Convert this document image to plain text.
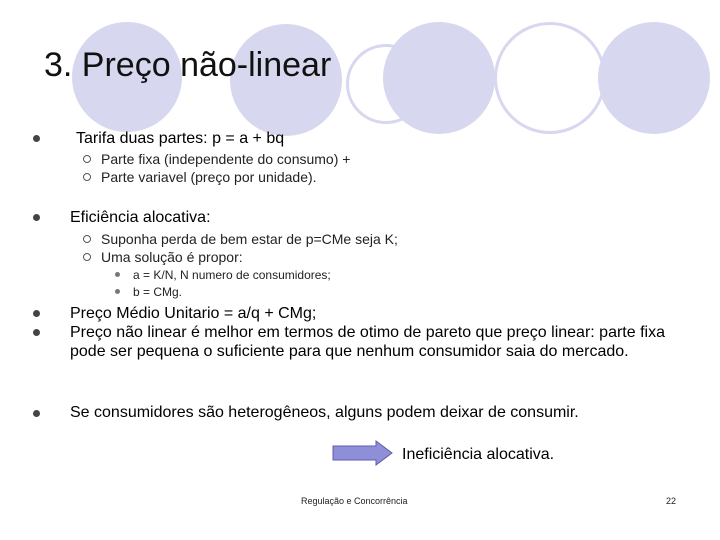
3. Preço não-linear
Tarifa duas partes: p = a + bq
Parte fixa (independente do consumo) +
Parte variavel (preço por unidade).
Eficiência alocativa:
Suponha perda de bem estar de p=CMe seja K;
Uma solução é propor:
a = K/N, N numero de consumidores;
b = CMg.
Preço Médio Unitario = a/q + CMg;
Preço não linear é melhor em termos de otimo de pareto que preço linear: parte fixa pode ser pequena o suficiente para que nenhum consumidor saia do mercado.
Se consumidores são heterogêneos, alguns podem deixar de consumir.
Ineficiência alocativa.
Regulação e Concorrência	22
